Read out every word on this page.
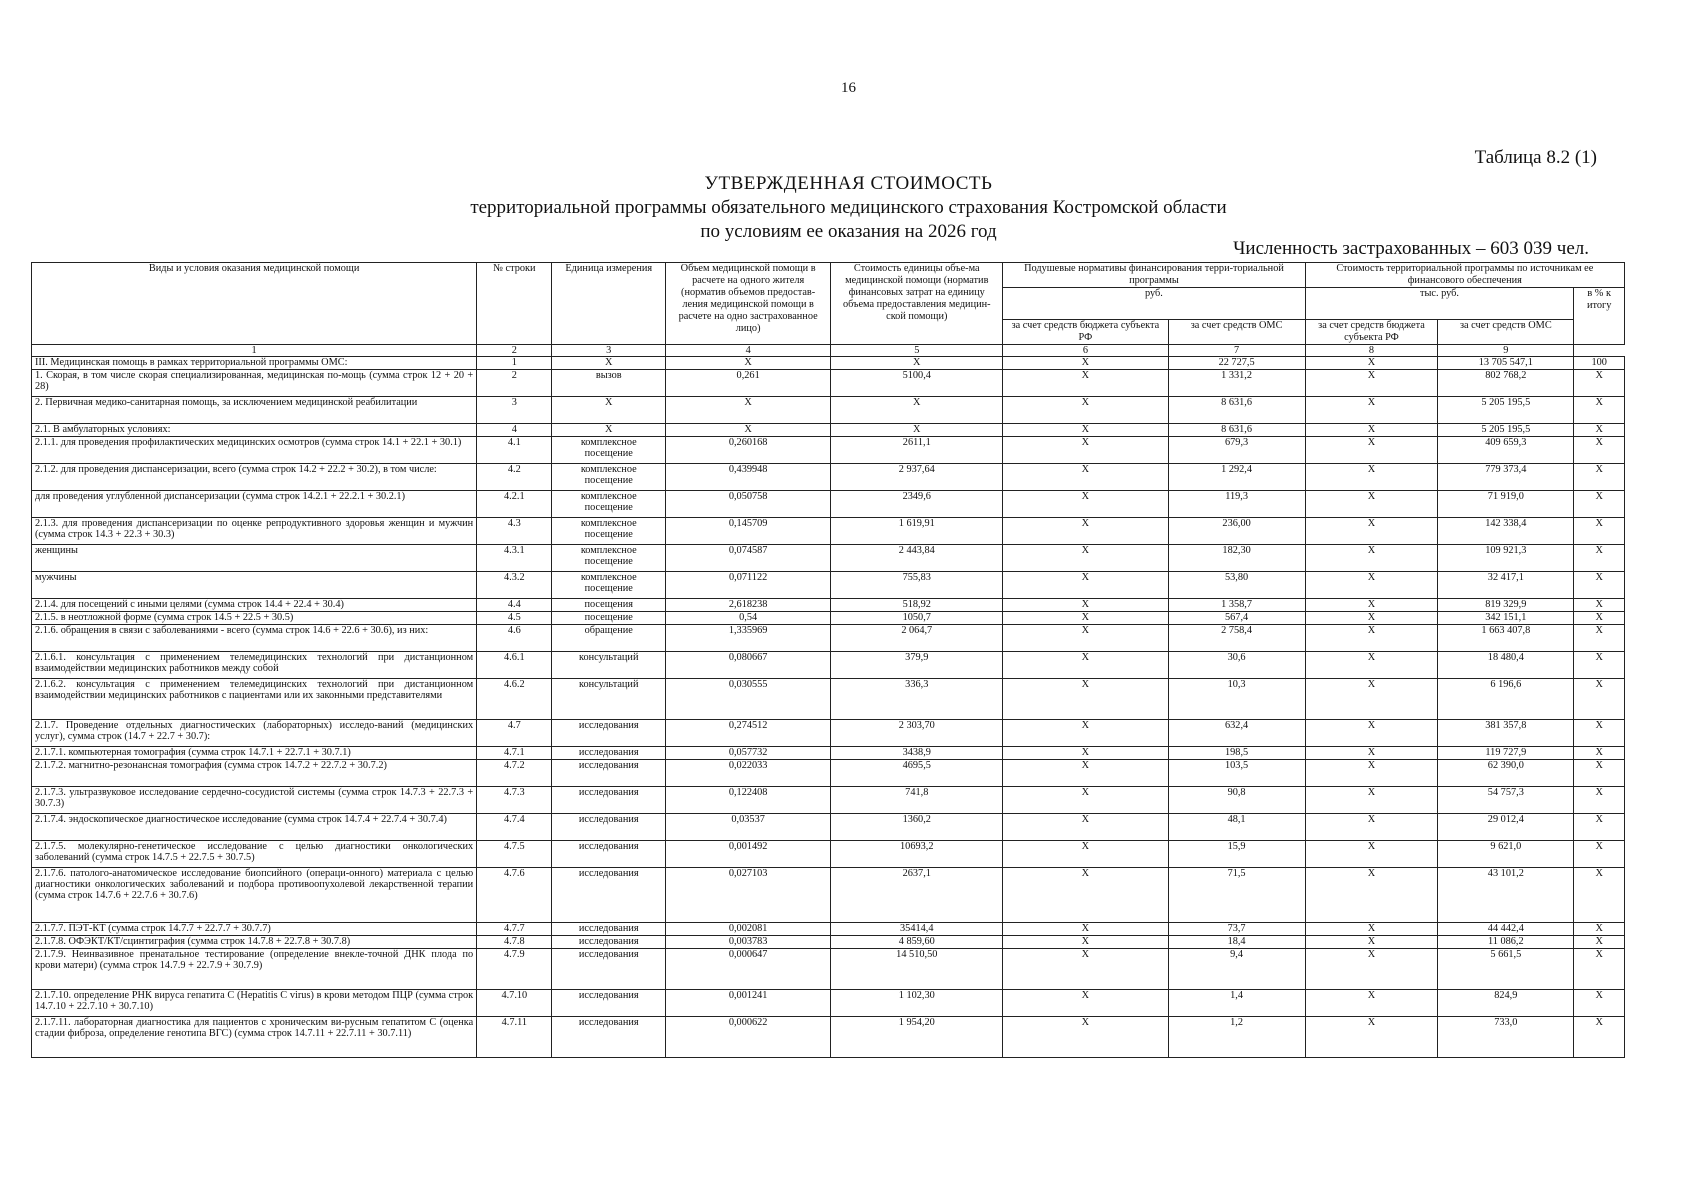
16
Таблица 8.2 (1)
УТВЕРЖДЕННАЯ СТОИМОСТЬ
территориальной программы обязательного медицинского страхования Костромской области
по условиям ее оказания на 2026 год
Численность застрахованных – 603 039 чел.
Виды и условия оказания медицинской помощи	№ строки	Единица измерения	Объем медицинской помощи в расчете на одного жителя (норматив объемов предостав-ления медицинской помощи в расчете на одно застрахованное лицо)	Стоимость единицы объе-ма медицинской помощи (норматив финансовых затрат на единицу объема предоставления медицин-ской помощи)	Подушевые нормативы финансирования терри-ториальной программы		Стоимость территориальной программы по источникам ее финансового обеспечения		
					руб.		тыс. руб.		в % к итогу
					за счет средств бюджета субъекта РФ	за счет средств ОМС	за счет средств бюджета субъекта РФ	за счет средств ОМС	
1	2	3	4	5	6	7	8	9	
III. Медицинская помощь в рамках территориальной программы ОМС:	1	X	X	X	X	22 727,5	X	13 705 547,1	100
1. Скорая, в том числе скорая специализированная, медицинская по-мощь (сумма строк 12 + 20 + 28)	2	вызов	0,261	5100,4	X	1 331,2	X	802 768,2	X
2. Первичная медико-санитарная помощь, за исключением медицинской реабилитации	3	X	X	X	X	8 631,6	X	5 205 195,5	X
2.1. В амбулаторных условиях:	4	X	X	X	X	8 631,6	X	5 205 195,5	X
2.1.1. для проведения профилактических медицинских осмотров (сумма строк 14.1 + 22.1 + 30.1)	4.1	комплексное посещение	0,260168	2611,1	X	679,3	X	409 659,3	X
2.1.2. для проведения диспансеризации, всего (сумма строк 14.2 + 22.2 + 30.2), в том числе:	4.2	комплексное посещение	0,439948	2 937,64	X	1 292,4	X	779 373,4	X
для проведения углубленной диспансеризации (сумма строк 14.2.1 + 22.2.1 + 30.2.1)	4.2.1	комплексное посещение	0,050758	2349,6	X	119,3	X	71 919,0	X
2.1.3. для проведения диспансеризации по оценке репродуктивного здоровья женщин и мужчин (сумма строк 14.3 + 22.3 + 30.3)	4.3	комплексное посещение	0,145709	1 619,91	X	236,00	X	142 338,4	X
женщины	4.3.1	комплексное посещение	0,074587	2 443,84	X	182,30	X	109 921,3	X
мужчины	4.3.2	комплексное посещение	0,071122	755,83	X	53,80	X	32 417,1	X
2.1.4. для посещений с иными целями (сумма строк 14.4 + 22.4 + 30.4)	4.4	посещения	2,618238	518,92	X	1 358,7	X	819 329,9	X
2.1.5. в неотложной форме (сумма строк 14.5 + 22.5 + 30.5)	4.5	посещение	0,54	1050,7	X	567,4	X	342 151,1	X
2.1.6. обращения в связи с заболеваниями - всего (сумма строк 14.6 + 22.6 + 30.6), из них:	4.6	обращение	1,335969	2 064,7	X	2 758,4	X	1 663 407,8	X
2.1.6.1. консультация с применением телемедицинских технологий при дистанционном взаимодействии медицинских работников между собой	4.6.1	консультаций	0,080667	379,9	X	30,6	X	18 480,4	X
2.1.6.2. консультация с применением телемедицинских технологий при дистанционном взаимодействии медицинских работников с пациентами или их законными представителями	4.6.2	консультаций	0,030555	336,3	X	10,3	X	6 196,6	X
2.1.7. Проведение отдельных диагностических (лабораторных) исследо-ваний (медицинских услуг), сумма строк (14.7 + 22.7 + 30.7):	4.7	исследования	0,274512	2 303,70	X	632,4	X	381 357,8	X
2.1.7.1. компьютерная томография (сумма строк 14.7.1 + 22.7.1 + 30.7.1)	4.7.1	исследования	0,057732	3438,9	X	198,5	X	119 727,9	X
2.1.7.2. магнитно-резонансная томография (сумма строк 14.7.2 + 22.7.2 + 30.7.2)	4.7.2	исследования	0,022033	4695,5	X	103,5	X	62 390,0	X
2.1.7.3. ультразвуковое исследование сердечно-сосудистой системы (сумма строк 14.7.3 + 22.7.3 + 30.7.3)	4.7.3	исследования	0,122408	741,8	X	90,8	X	54 757,3	X
2.1.7.4. эндоскопическое диагностическое исследование (сумма строк 14.7.4 + 22.7.4 + 30.7.4)	4.7.4	исследования	0,03537	1360,2	X	48,1	X	29 012,4	X
2.1.7.5. молекулярно-генетическое исследование с целью диагностики онкологических заболеваний (сумма строк 14.7.5 + 22.7.5 + 30.7.5)	4.7.5	исследования	0,001492	10693,2	X	15,9	X	9 621,0	X
2.1.7.6. патолого-анатомическое исследование биопсийного (операци-онного) материала с целью диагностики онкологических заболеваний и подбора противоопухолевой лекарственной терапии (сумма строк 14.7.6 + 22.7.6 + 30.7.6)	4.7.6	исследования	0,027103	2637,1	X	71,5	X	43 101,2	X
2.1.7.7. ПЭТ-КТ (сумма строк 14.7.7 + 22.7.7 + 30.7.7)	4.7.7	исследования	0,002081	35414,4	X	73,7	X	44 442,4	X
2.1.7.8. ОФЭКТ/КТ/сцинтиграфия (сумма строк 14.7.8 + 22.7.8 + 30.7.8)	4.7.8	исследования	0,003783	4 859,60	X	18,4	X	11 086,2	X
2.1.7.9. Неинвазивное пренатальное тестирование (определение внекле-точной ДНК плода по крови матери) (сумма строк 14.7.9 + 22.7.9 + 30.7.9)	4.7.9	исследования	0,000647	14 510,50	X	9,4	X	5 661,5	X
2.1.7.10. определение РНК вируса гепатита С (Hepatitis C virus) в крови методом ПЦР (сумма строк 14.7.10 + 22.7.10 + 30.7.10)	4.7.10	исследования	0,001241	1 102,30	X	1,4	X	824,9	X
2.1.7.11. лабораторная диагностика для пациентов с хроническим ви-русным гепатитом С (оценка стадии фиброза, определение генотипа ВГС) (сумма строк 14.7.11 + 22.7.11 + 30.7.11)	4.7.11	исследования	0,000622	1 954,20	X	1,2	X	733,0	X
